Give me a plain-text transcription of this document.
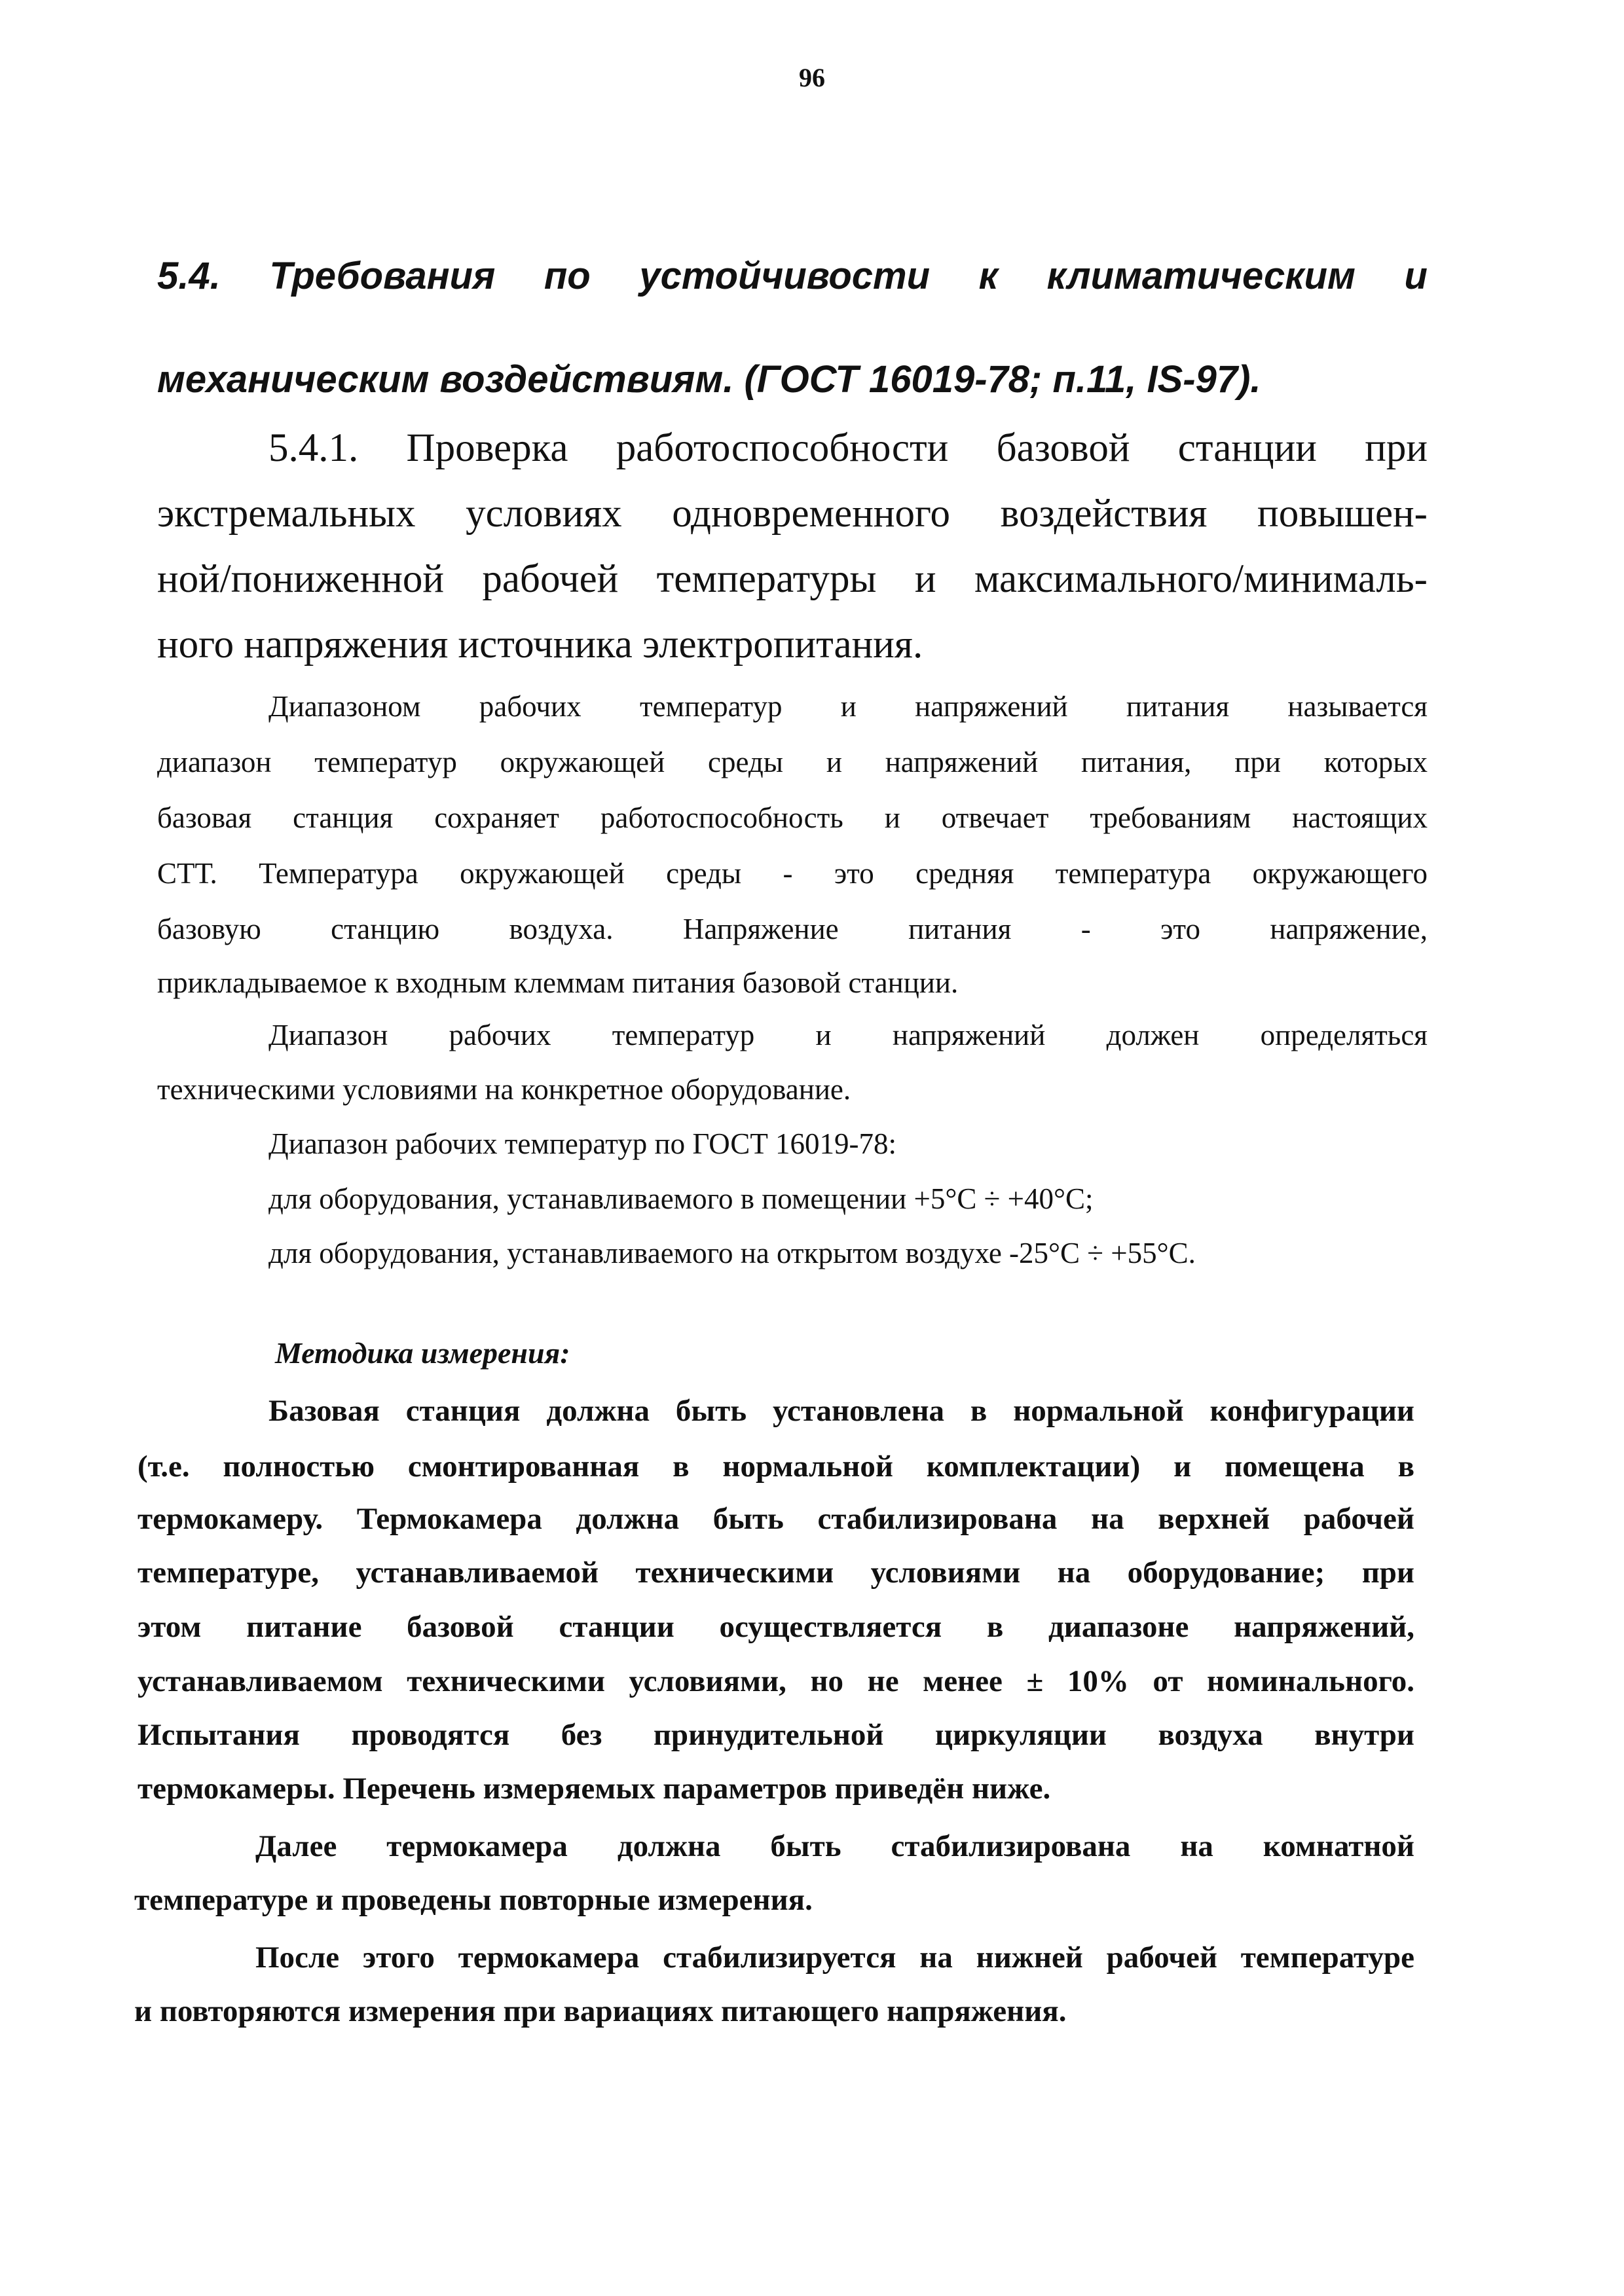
96
5.4. Требования по устойчивости к климатическим и
механическим воздействиям. (ГОСТ 16019-78; п.11, IS-97).
5.4.1. Проверка работоспособности базовой станции при
экстремальных условиях одновременного воздействия повышен-
ной/пониженной рабочей температуры и максимального/минималь-
ного напряжения источника электропитания.
Диапазоном рабочих температур и напряжений питания называется
диапазон температур окружающей среды и напряжений питания, при которых
базовая станция сохраняет работоспособность и отвечает требованиям настоящих
СТТ. Температура окружающей среды - это средняя температура окружающего
базовую станцию воздуха. Напряжение питания - это напряжение,
прикладываемое к входным клеммам питания базовой станции.
Диапазон рабочих температур и напряжений должен определяться
техническими условиями на конкретное оборудование.
Диапазон рабочих температур по ГОСТ 16019-78:
для оборудования, устанавливаемого в помещении +5°С ÷ +40°С;
для оборудования, устанавливаемого на открытом воздухе -25°С ÷ +55°С.
Методика измерения:
Базовая станция должна быть установлена в нормальной конфигурации
(т.е. полностью смонтированная в нормальной комплектации) и помещена в
термокамеру. Термокамера должна быть стабилизирована на верхней рабочей
температуре, устанавливаемой техническими условиями на оборудование; при
этом питание базовой станции осуществляется в диапазоне напряжений,
устанавливаемом техническими условиями, но не менее ± 10% от номинального.
Испытания проводятся без принудительной циркуляции воздуха внутри
термокамеры. Перечень измеряемых параметров приведён ниже.
Далее термокамера должна быть стабилизирована на комнатной
температуре и проведены повторные измерения.
После этого термокамера стабилизируется на нижней рабочей температуре
и повторяются измерения при вариациях питающего напряжения.
